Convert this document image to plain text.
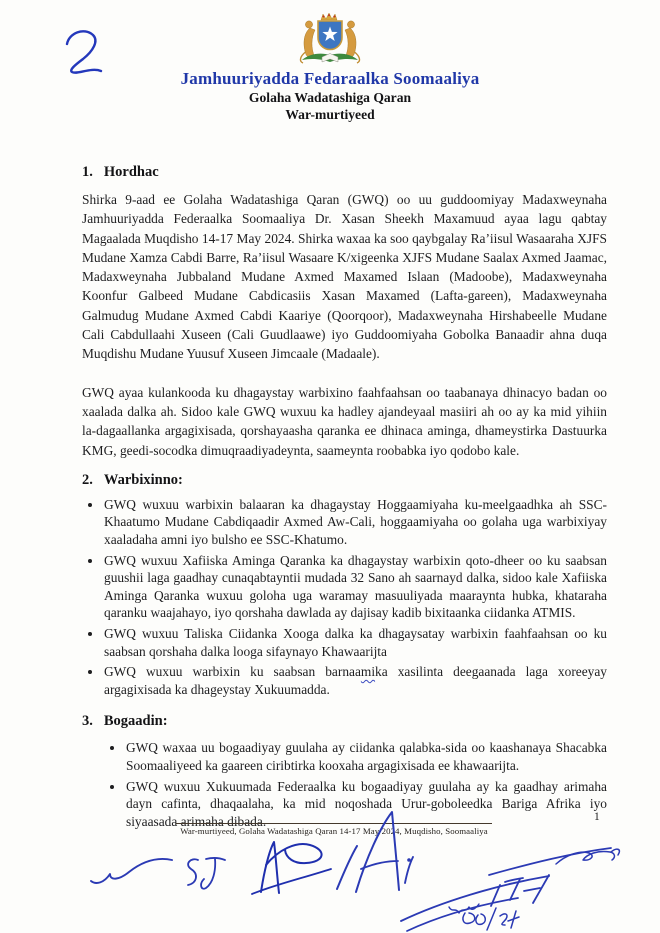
Jamhuuriyadda Fedaraalka Soomaaliya
Golaha Wadatashiga Qaran
War-murtiyeed
1. Hordhac

Shirka 9-aad ee Golaha Wadatashiga Qaran (GWQ) oo uu guddoomiyay Madaxweynaha Jamhuuriyadda Federaalka Soomaaliya Dr. Xasan Sheekh Maxamuud ayaa lagu qabtay Magaalada Muqdisho 14-17 May 2024. Shirka waxaa ka soo qaybgalay Ra’iisul Wasaaraha XJFS Mudane Xamza Cabdi Barre, Ra’iisul Wasaare K/xigeenka XJFS Mudane Saalax Axmed Jaamac, Madaxweynaha Jubbaland Mudane Axmed Maxamed Islaan (Madoobe), Madaxweynaha Koonfur Galbeed Mudane Cabdicasiis Xasan Maxamed (Lafta-gareen), Madaxweynaha Galmudug Mudane Axmed Cabdi Kaariye (Qoorqoor), Madaxweynaha Hirshabeelle Mudane Cali Cabdullaahi Xuseen (Cali Guudlaawe) iyo Guddoomiyaha Gobolka Banaadir ahna duqa Muqdishu Mudane Yuusuf Xuseen Jimcaale (Madaale).

GWQ ayaa kulankooda ku dhagaystay warbixino faahfaahsan oo taabanaya dhinacyo badan oo xaalada dalka ah. Sidoo kale GWQ wuxuu ka hadley ajandeyaal masiiri ah oo ay ka mid yihiin la-dagaallanka argagixisada, qorshayaasha qaranka ee dhinaca aminga, dhameystirka Dastuurka KMG, geedi-socodka dimuqraadiyadeynta, saameynta roobabka iyo qodobo kale.

2. Warbixinno:
• GWQ wuxuu warbixin balaaran ka dhagaystay Hoggaamiyaha ku-meelgaadhka ah SSC-Khaatumo Mudane Cabdiqaadir Axmed Aw-Cali, hoggaamiyaha oo golaha uga warbixiyay xaaladaha amni iyo bulsho ee SSC-Khatumo.
• GWQ wuxuu Xafiiska Aminga Qaranka ka dhagaystay warbixin qoto-dheer oo ku saabsan guushii laga gaadhay cunaqabtayntii mudada 32 Sano ah saarnayd dalka, sidoo kale Xafiiska Aminga Qaranka wuxuu goloha uga waramay masuuliyada maaraynta hubka, khataraha qaranku waajahayo, iyo qorshaha dawlada ay dajisay kadib bixitaanka ciidanka ATMIS.
• GWQ wuxuu Taliska Ciidanka Xooga dalka ka dhagaysatay warbixin faahfaahsan oo ku saabsan qorshaha dalka looga sifaynayo Khawaarijta
• GWQ wuxuu warbixin ku saabsan barnaamika xasilinta deegaanada laga xoreeyay argagixisada ka dhageystay Xukuumadda.
3. Bogaadin:
• GWQ waxaa uu bogaadiyay guulaha ay ciidanka qalabka-sida oo kaashanaya Shacabka Soomaaliyeed ka gaareen ciribtirka kooxaha argagixisada ee khawaarijta.
• GWQ wuxuu Xukuumada Federaalka ku bogaadiyay guulaha ay ka gaadhay arimaha dayn cafinta, dhaqaalaha, ka mid noqoshada Urur-goboleedka Bariga Afrika iyo siyaasada arimaha dibada.
War-murtiyeed, Golaha Wadatashiga Qaran 14-17 May 2024, Muqdisho, Soomaaliya
1
